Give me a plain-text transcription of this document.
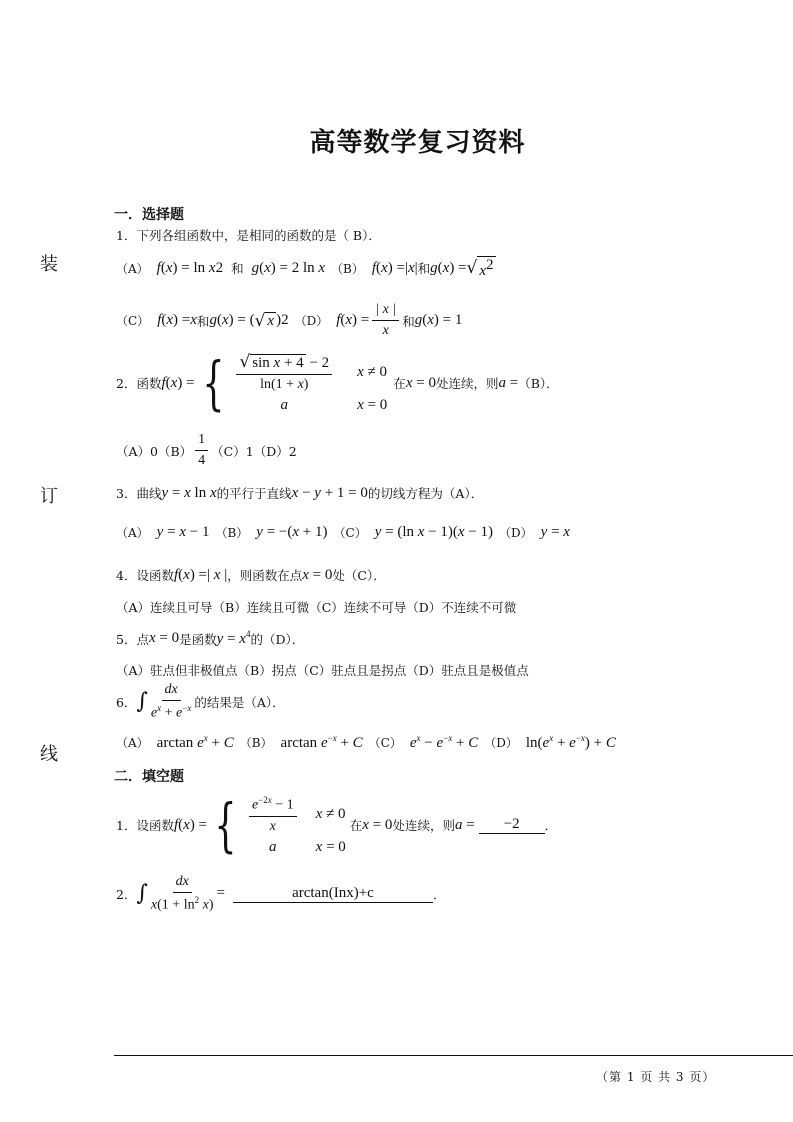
装
订
线
高等数学复习资料
一．选择题
1． 下列各组函数中，是相同的函数的是（ B）．
（A） f ( x ) = ln x 2 和 g ( x ) = 2 ln x （B） f ( x ) =| x | 和 g ( x ) = √ $x^2$
（C） f ( x ) = x 和 g ( x ) = ( √ x ) 2 （D） f ( x ) = $\frac{| x |}{x}$ 和 g ( x ) = 1
2． 函数 f ( x ) = { $\frac{\text{√ sin x + 4 − 2}}{\ln(1 + x)}$ x ≠ 0
a	x = 0
在 x = 0 处连续，则 a = （B）．
$(A)0(B) \frac{1}{4} (C)1(D)2$
3． 曲线 y = x ln x 的平行于直线 x − y + 1 = 0 的切线方程为（A）．
（A） y = x − 1 （B） y = −(x + 1) （C） y = (ln x − 1)(x − 1) （D） y = x
4． 设函数 f(x) =| x | ，则函数在点 x = 0 处（C）．
（A）连续且可导（B）连续且可微（C）连续不可导（D）不连续不可微
5． 点 x = 0 是函数 $y = x^4$ 的（D）．
（A）驻点但非极值点（B）拐点（C）驻点且是拐点（D）驻点且是极值点
6． ∫ $\frac{dx}{e^x + e^{-x}}$ 的结果是（A）．
（A） $\arctan e^x + C$ （B） $\arctan e^{-x} + C$ （C） $e^x - e^{-x} + C$ （D） $\ln(e^x + e^{-x}) + C$
二．填空题
1． 设函数 f ( x ) = { $\frac{e^{-2x} - 1}{x}$ x ≠ 0
a	x = 0
在 x = 0 处连续，则 a =	−2	．
2． ∫ $\frac{dx}{x(1 + \ln^2 x)}$ =	arctan(Inx)+c	．
（第 1 页 共 3 页）
